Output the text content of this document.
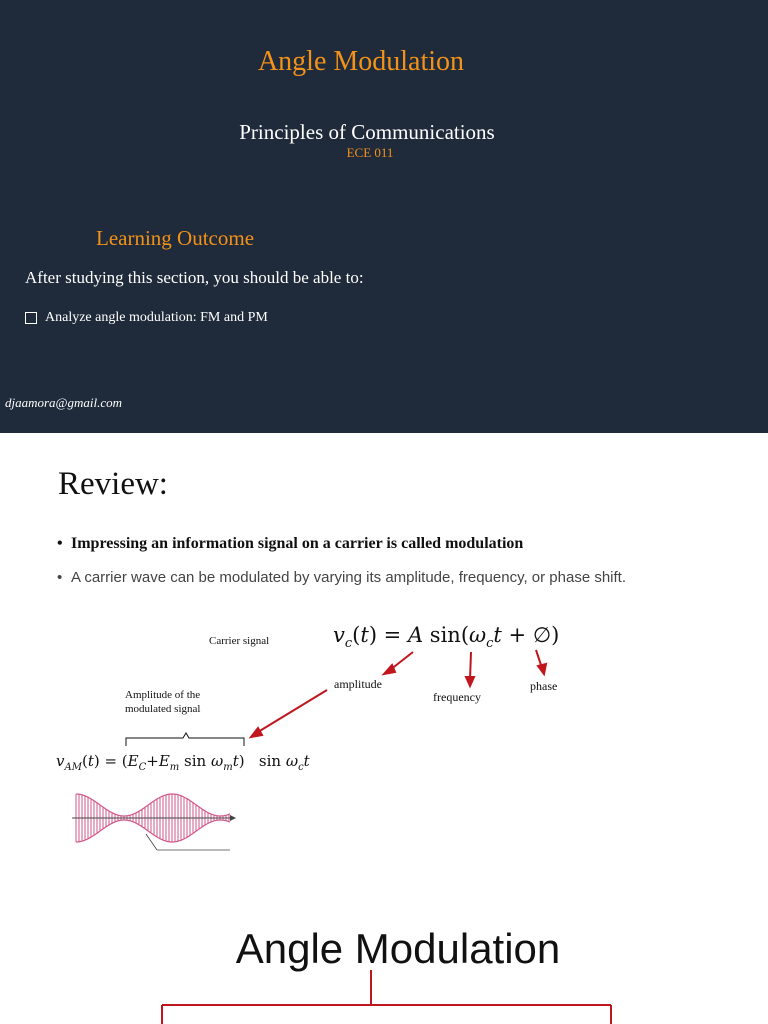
Angle Modulation
Principles of Communications
ECE 011
Learning Outcome
After studying this section, you should be able to:
Analyze angle modulation: FM and PM
djaamora@gmail.com
Review:
• Impressing an information signal on a carrier is called modulation
• A carrier wave can be modulated by varying its amplitude, frequency, or phase shift.
Carrier signal	$v_c(t) = A$ $\sin(\omega_ct$ + ∅)
amplitude
frequency
phase
Amplitude of the
modulated signal
$v_{AM}(t) = (E_C+E_m$ $\sin \omega_mt$)   $\sin \omega_ct$
Angle Modulation
